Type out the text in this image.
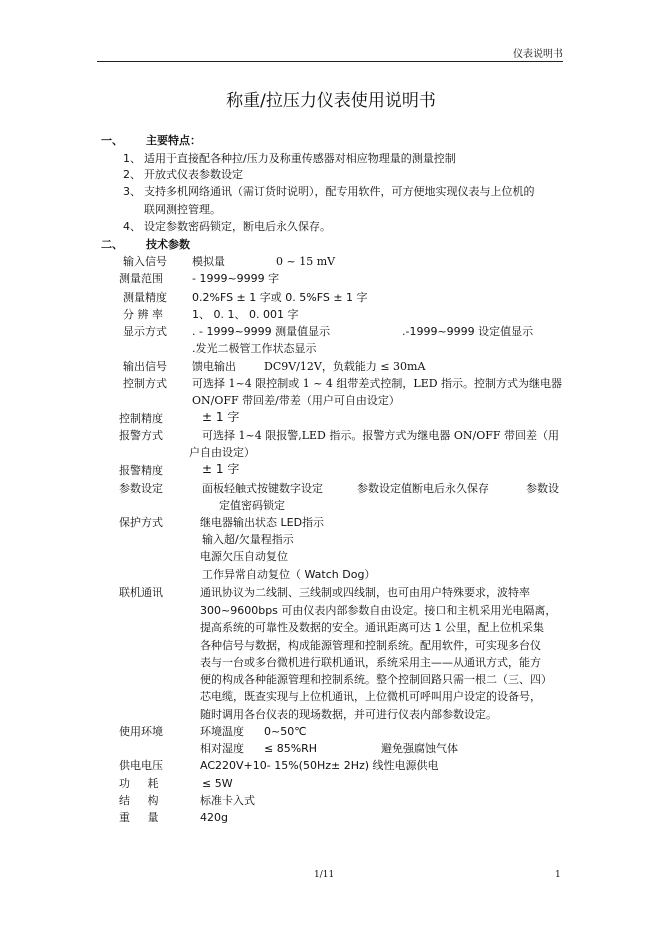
仪表说明书
称重/拉压力仪表使用说明书
一、 主要特点：
1、 适用于直接配各种拉/压力及称重传感器对相应物理量的测量控制
2、 开放式仪表参数设定
3、 支持多机网络通讯（需订货时说明），配专用软件，可方便地实现仪表与上位机的
联网测控管理。
4、 设定参数密码锁定，断电后永久保存。
二、 技术参数
输入信号 模拟量	0 ~ 15 mV
测量范围	- 1999~9999 字
测量精度 0.2%FS ± 1 字或 0. 5%FS ± 1 字
分 辨 率	1、 0. 1、 0. 001 字
显示方式 . - 1999~9999 测量值显示	.-1999~9999 设定值显示
.发光二极管工作状态显示
输出信号 馈电输出	DC9V/12V，负载能力 ≤ 30mA
控制方式 可选择 1~4 限控制或 1 ~ 4 组带差式控制，LED 指示。控制方式为继电器
ON/OFF 带回差/带差（用户可自由设定）
控制精度	± 1 字
报警方式	可选择 1~4 限报警,LED 指示。报警方式为继电器 ON/OFF 带回差（用
户自由设定）
报警精度	± 1 字
参数设定	面板轻触式按键数字设定	参数设定值断电后永久保存	参数设
定值密码锁定
保护方式	继电器输出状态 LED指示
输入超/欠量程指示
电源欠压自动复位
工作异常自动复位（ Watch Dog）
联机通讯	通讯协议为二线制、三线制或四线制，也可由用户特殊要求，波特率
300~9600bps 可由仪表内部参数自由设定。接口和主机采用光电隔离，
提高系统的可靠性及数据的安全。通讯距离可达 1 公里，配上位机采集
各种信号与数据，构成能源管理和控制系统。配用软件，可实现多台仪
表与一台或多台微机进行联机通讯，系统采用主——从通讯方式，能方
便的构成各种能源管理和控制系统。整个控制回路只需一根二（三、四）
芯电缆，既查实现与上位机通讯，上位微机可呼叫用户设定的设备号，
随时调用各台仪表的现场数据，并可进行仪表内部参数设定。
使用环境	环境温度 0~50℃
相对湿度 ≤ 85%RH	避免强腐蚀气体
供电电压	AC220V+10- 15%(50Hz± 2Hz) 线性电源供电
功     耗	≤ 5W
结     构	标准卡入式
重     量	420g
1/11	1
